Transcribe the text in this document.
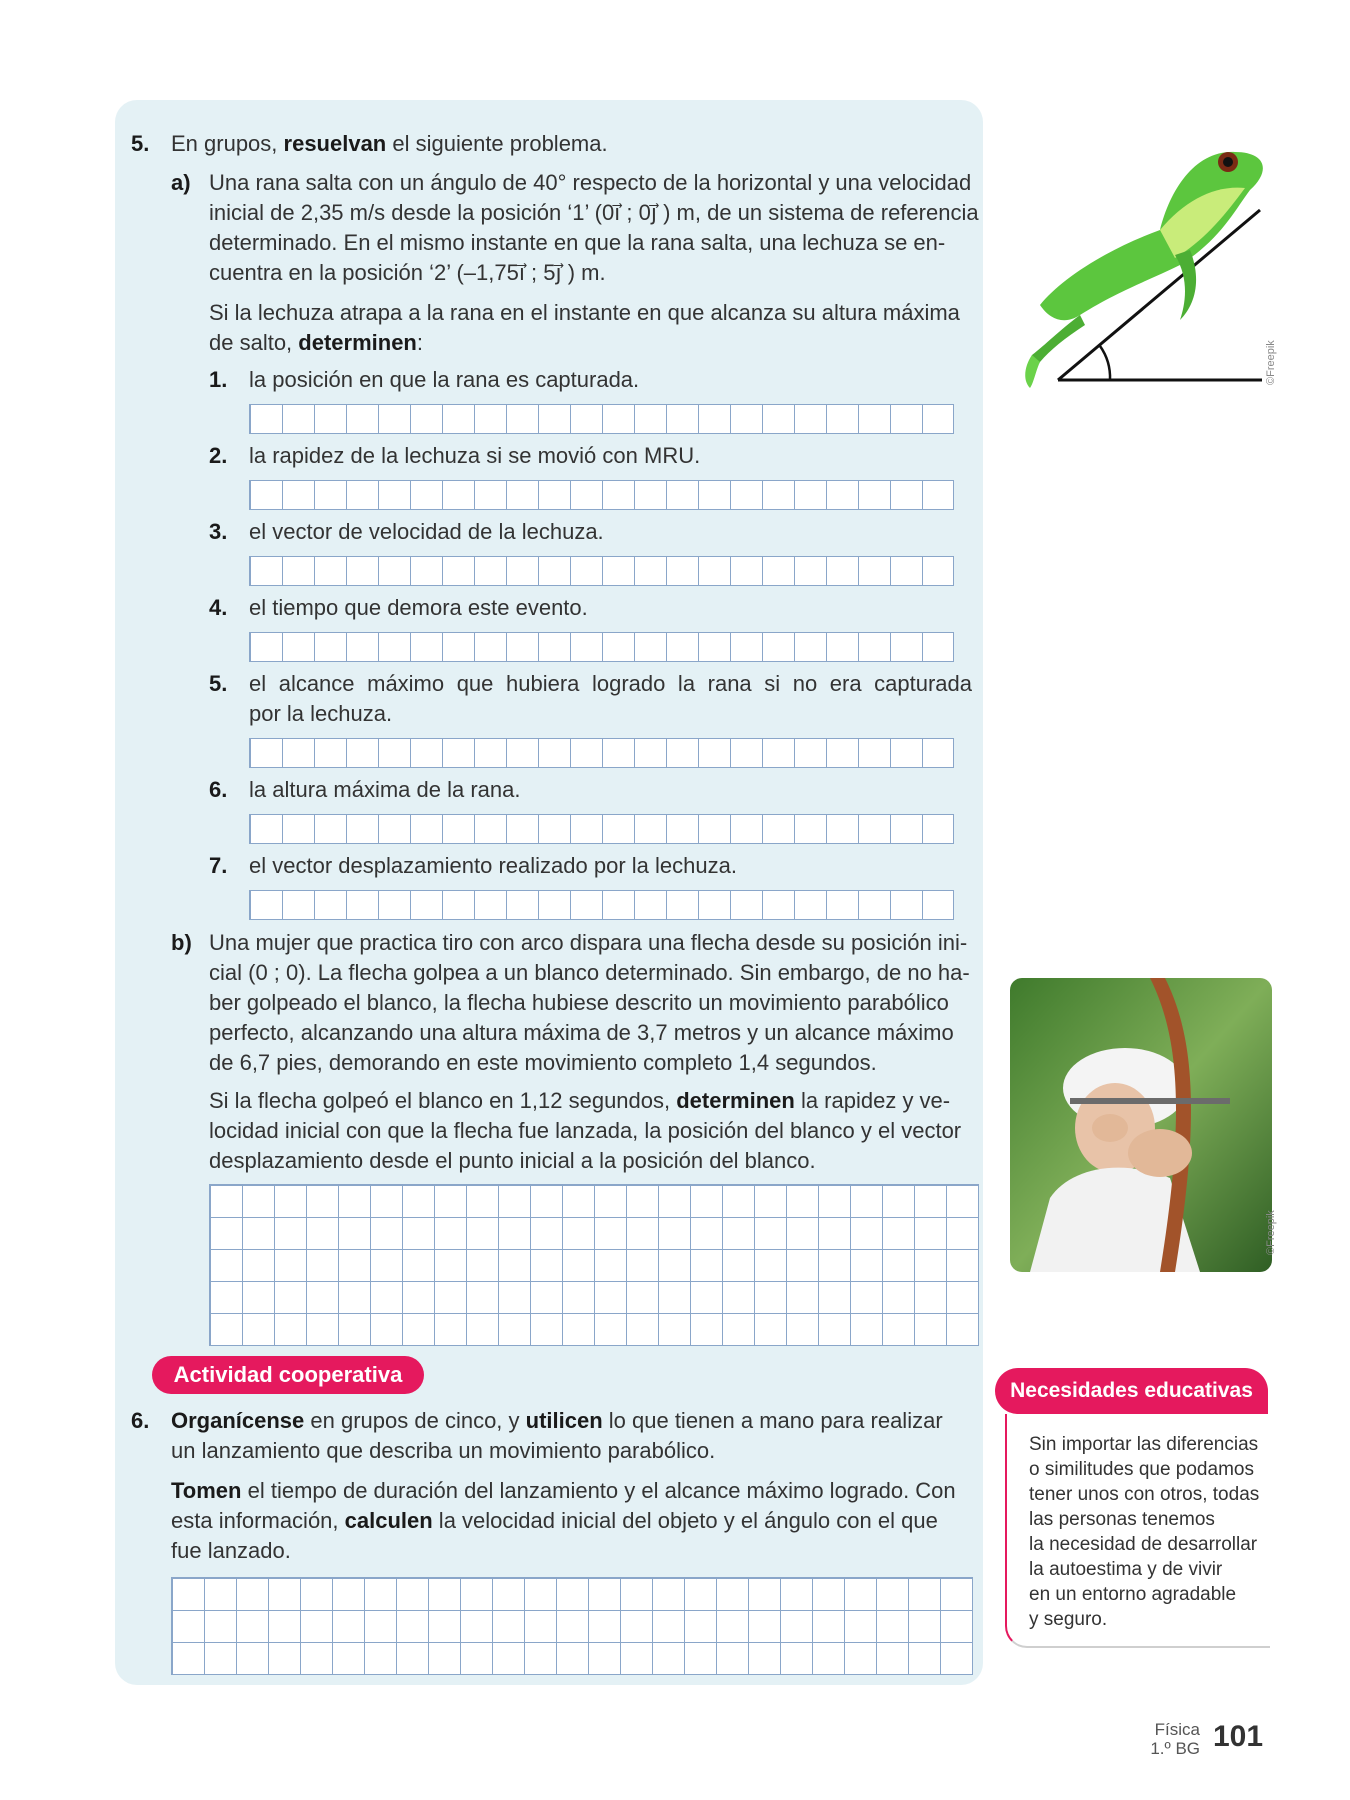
5. En grupos, resuelvan el siguiente problema.
a) Una rana salta con un ángulo de 40° respecto de la horizontal y una velocidad
inicial de 2,35 m/s desde la posición ‘1’ (0i⃗ ; 0j⃗ ) m, de un sistema de referencia
determinado. En el mismo instante en que la rana salta, una lechuza se en-
cuentra en la posición ‘2’ (–1,75i⃗ ; 5j⃗ ) m.
Si la lechuza atrapa a la rana en el instante en que alcanza su altura máxima
de salto, determinen:
1. la posición en que la rana es capturada.
2. la rapidez de la lechuza si se movió con MRU.
3. el vector de velocidad de la lechuza.
4. el tiempo que demora este evento.
5. el alcance máximo que hubiera logrado la rana si no era capturada
por la lechuza.
6. la altura máxima de la rana.
7. el vector desplazamiento realizado por la lechuza.
b) Una mujer que practica tiro con arco dispara una flecha desde su posición ini-
cial (0 ; 0). La flecha golpea a un blanco determinado. Sin embargo, de no ha-
ber golpeado el blanco, la flecha hubiese descrito un movimiento parabólico
perfecto, alcanzando una altura máxima de 3,7 metros y un alcance máximo
de 6,7 pies, demorando en este movimiento completo 1,4 segundos.
Si la flecha golpeó el blanco en 1,12 segundos, determinen la rapidez y ve-
locidad inicial con que la flecha fue lanzada, la posición del blanco y el vector
desplazamiento desde el punto inicial a la posición del blanco.
Actividad cooperativa
6. Organícense en grupos de cinco, y utilicen lo que tienen a mano para realizar
un lanzamiento que describa un movimiento parabólico.
Tomen el tiempo de duración del lanzamiento y el alcance máximo logrado. Con
esta información, calculen la velocidad inicial del objeto y el ángulo con el que
fue lanzado.
©Freepik
©Freepik
Necesidades educativas
Sin importar las diferencias
o similitudes que podamos
tener unos con otros, todas
las personas tenemos
la necesidad de desarrollar
la autoestima y de vivir
en un entorno agradable
y seguro.
Física
1.º BG 101
